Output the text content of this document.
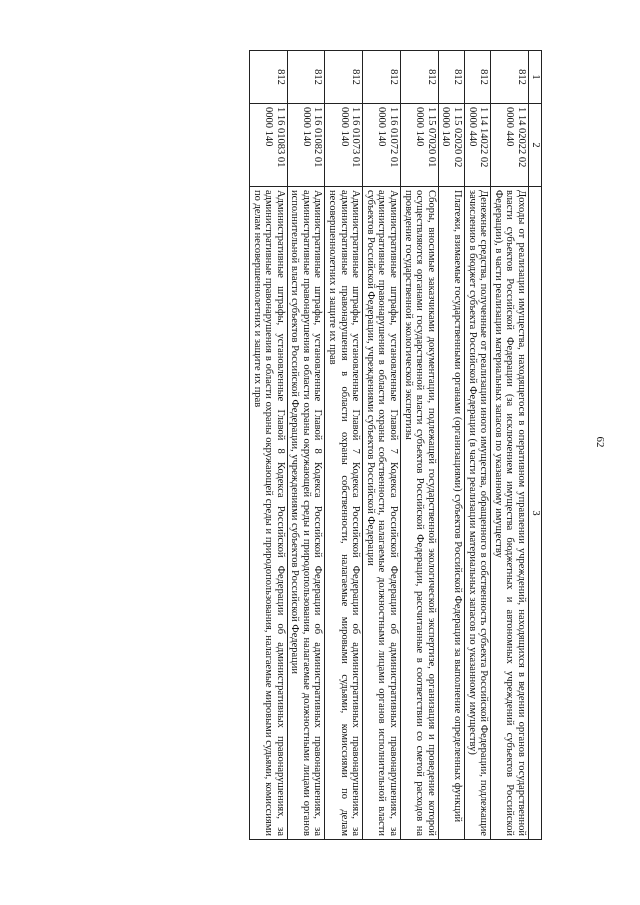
62
1	2	3
812	1 14 02022 02 0000 440	Доходы от реализации имущества, находящегося в оперативном управлении учреждений, находящихся в ведении органов государственной власти субъектов Российской Федерации (за исключением имущества бюджетных и автономных учреждений субъектов Российской Федерации), в части реализации материальных запасов по указанному имуществу
812	1 14 14022 02 0000 440	Денежные средства, полученные от реализации иного имущества, обращенного в собственность субъекта Российской Федерации, подлежащие зачислению в бюджет субъекта Российской Федерации (в части реализации материальных запасов по указанному имуществу)
812	1 15 02020 02 0000 140	Платежи, взимаемые государственными органами (организациями) субъектов Российской Федерации за выполнение определенных функций
812	1 15 07020 01 0000 140	Сборы, вносимые заказчиками документации, подлежащей государственной экологической экспертизе, организация и проведение которой осуществляются органами государственной власти субъектов Российской Федерации, рассчитанные в соответствии со сметой расходов на проведение государственной экологической экспертизы
812	1 16 01072 01 0000 140	Административные штрафы, установленные Главой 7 Кодекса Российской Федерации об административных правонарушениях, за административные правонарушения в области охраны собственности, налагаемые должностными лицами органов исполнительной власти субъектов Российской Федерации, учреждениями субъектов Российской Федерации
812	1 16 01073 01 0000 140	Административные штрафы, установленные Главой 7 Кодекса Российской Федерации об административных правонарушениях, за административные правонарушения в области охраны собственности, налагаемые мировыми судьями, комиссиями по делам несовершеннолетних и защите их прав
812	1 16 01082 01 0000 140	Административные штрафы, установленные Главой 8 Кодекса Российской Федерации об административных правонарушениях, за административные правонарушения в области охраны окружающей среды и природопользования, налагаемые должностными лицами органов исполнительной власти субъектов Российской Федерации, учреждениями субъектов Российской Федерации
812	1 16 01083 01 0000 140	Административные штрафы, установленные Главой 8 Кодекса Российской Федерации об административных правонарушениях, за административные правонарушения в области охраны окружающей среды и природопользования, налагаемые мировыми судьями, комиссиями по делам несовершеннолетних и защите их прав
